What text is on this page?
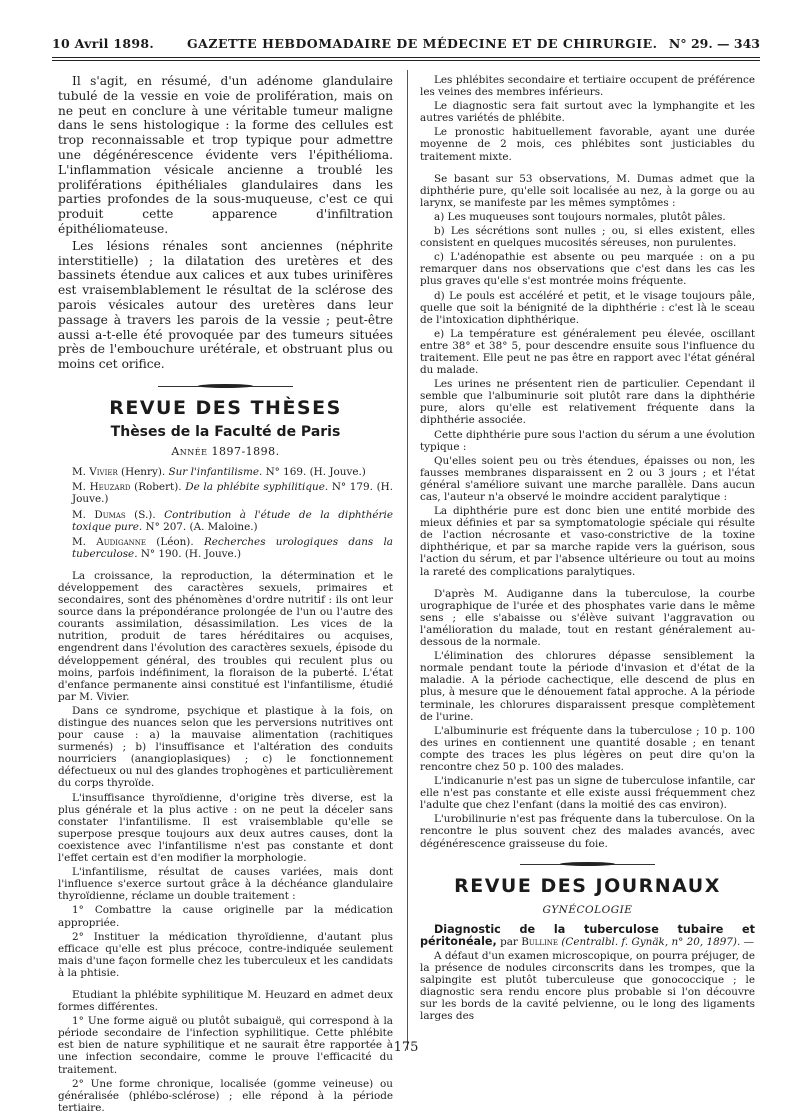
10 Avril 1898.	GAZETTE HEBDOMADAIRE DE MÉDECINE ET DE CHIRURGIE. N° 29. — 343

Il s'agit, en résumé, d'un adénome glandulaire tubulé de la vessie en voie de prolifération, mais on ne peut en conclure à une véritable tumeur maligne dans le sens histologique : la forme des cellules est trop reconnaissable et trop typique pour admettre une dégénérescence évidente vers l'épithélioma. L'inflammation vésicale ancienne a troublé les proliférations épithéliales glandulaires dans les parties profondes de la sous-muqueuse, c'est ce qui produit cette apparence d'infiltration épithéliomateuse.

Les lésions rénales sont anciennes (néphrite interstitielle) ; la dilatation des uretères et des bassinets étendue aux calices et aux tubes urinifères est vraisemblablement le résultat de la sclérose des parois vésicales autour des uretères dans leur passage à travers les parois de la vessie ; peut-être aussi a-t-elle été provoquée par des tumeurs situées près de l'embouchure urétérale, et obstruant plus ou moins cet orifice.

REVUE DES THÈSES
Thèses de la Faculté de Paris
Année 1897-1898.

M. Vivier (Henry). Sur l'infantilisme. N° 169. (H. Jouve.)

M. Heuzard (Robert). De la phlébite syphilitique. N° 179. (H. Jouve.)

M. Dumas (S.). Contribution à l'étude de la diphthérie toxique pure. N° 207. (A. Maloine.)

M. Audiganne (Léon). Recherches urologiques dans la tuberculose. N° 190. (H. Jouve.)

La croissance, la reproduction, la détermination et le développement des caractères sexuels, primaires et secondaires, sont des phénomènes d'ordre nutritif : ils ont leur source dans la prépondérance prolongée de l'un ou l'autre des courants assimilation, désassimilation. Les vices de la nutrition, produit de tares héréditaires ou acquises, engendrent dans l'évolution des caractères sexuels, épisode du développement général, des troubles qui reculent plus ou moins, parfois indéfiniment, la floraison de la puberté. L'état d'enfance permanente ainsi constitué est l'infantilisme, étudié par M. Vivier.

Dans ce syndrome, psychique et plastique à la fois, on distingue des nuances selon que les perversions nutritives ont pour cause : a) la mauvaise alimentation (rachitiques surmenés) ; b) l'insuffisance et l'altération des conduits nourriciers (anangioplasiques) ; c) le fonctionnement défectueux ou nul des glandes trophogènes et particulièrement du corps thyroïde.

L'insuffisance thyroïdienne, d'origine très diverse, est la plus générale et la plus active : on ne peut la déceler sans constater l'infantilisme. Il est vraisemblable qu'elle se superpose presque toujours aux deux autres causes, dont la coexistence avec l'infantilisme n'est pas constante et dont l'effet certain est d'en modifier la morphologie.

L'infantilisme, résultat de causes variées, mais dont l'influence s'exerce surtout grâce à la déchéance glandulaire thyroïdienne, réclame un double traitement :

1° Combattre la cause originelle par la médication appropriée.

2° Instituer la médication thyroïdienne, d'autant plus efficace qu'elle est plus précoce, contre-indiquée seulement mais d'une façon formelle chez les tuberculeux et les candidats à la phtisie.

Etudiant la phlébite syphilitique M. Heuzard en admet deux formes différentes.

1° Une forme aiguë ou plutôt subaiguë, qui correspond à la période secondaire de l'infection syphilitique. Cette phlébite est bien de nature syphilitique et ne saurait être rapportée à une infection secondaire, comme le prouve l'efficacité du traitement.

2° Une forme chronique, localisée (gomme veineuse) ou généralisée (phlébo-sclérose) ; elle répond à la période tertiaire.

Les phlébites secondaire et tertiaire occupent de préférence les veines des membres inférieurs.

Le diagnostic sera fait surtout avec la lymphangite et les autres variétés de phlébite.

Le pronostic habituellement favorable, ayant une durée moyenne de 2 mois, ces phlébites sont justiciables du traitement mixte.

Se basant sur 53 observations, M. Dumas admet que la diphthérie pure, qu'elle soit localisée au nez, à la gorge ou au larynx, se manifeste par les mêmes symptômes :

a) Les muqueuses sont toujours normales, plutôt pâles.

b) Les sécrétions sont nulles ; ou, si elles existent, elles consistent en quelques mucosités séreuses, non purulentes.

c) L'adénopathie est absente ou peu marquée : on a pu remarquer dans nos observations que c'est dans les cas les plus graves qu'elle s'est montrée moins fréquente.

d) Le pouls est accéléré et petit, et le visage toujours pâle, quelle que soit la bénignité de la diphthérie : c'est là le sceau de l'intoxication diphthérique.

e) La température est généralement peu élevée, oscillant entre 38° et 38° 5, pour descendre ensuite sous l'influence du traitement. Elle peut ne pas être en rapport avec l'état général du malade.

Les urines ne présentent rien de particulier. Cependant il semble que l'albuminurie soit plutôt rare dans la diphthérie pure, alors qu'elle est relativement fréquente dans la diphthérie associée.

Cette diphthérie pure sous l'action du sérum a une évolution typique :

Qu'elles soient peu ou très étendues, épaisses ou non, les fausses membranes disparaissent en 2 ou 3 jours ; et l'état général s'améliore suivant une marche parallèle. Dans aucun cas, l'auteur n'a observé le moindre accident paralytique :

La diphthérie pure est donc bien une entité morbide des mieux définies et par sa symptomatologie spéciale qui résulte de l'action nécrosante et vaso-constrictive de la toxine diphthérique, et par sa marche rapide vers la guérison, sous l'action du sérum, et par l'absence ultérieure ou tout au moins la rareté des complications paralytiques.

D'après M. Audiganne dans la tuberculose, la courbe urographique de l'urée et des phosphates varie dans le même sens ; elle s'abaisse ou s'élève suivant l'aggravation ou l'amélioration du malade, tout en restant généralement au-dessous de la normale.

L'élimination des chlorures dépasse sensiblement la normale pendant toute la période d'invasion et d'état de la maladie. A la période cachectique, elle descend de plus en plus, à mesure que le dénouement fatal approche. A la période terminale, les chlorures disparaissent presque complètement de l'urine.

L'albuminurie est fréquente dans la tuberculose ; 10 p. 100 des urines en contiennent une quantité dosable ; en tenant compte des traces les plus légères on peut dire qu'on la rencontre chez 50 p. 100 des malades.

L'indicanurie n'est pas un signe de tuberculose infantile, car elle n'est pas constante et elle existe aussi fréquemment chez l'adulte que chez l'enfant (dans la moitié des cas environ).

L'urobilinurie n'est pas fréquente dans la tuberculose. On la rencontre le plus souvent chez des malades avancés, avec dégénérescence graisseuse du foie.

REVUE DES JOURNAUX
GYNÉCOLOGIE

Diagnostic de la tuberculose tubaire et péritonéale, par Bulline (Centralbl. f. Gynäk, n° 20, 1897). —

A défaut d'un examen microscopique, on pourra préjuger, de la présence de nodules circonscrits dans les trompes, que la salpingite est plutôt tuberculeuse que gonococcique ; le diagnostic sera rendu encore plus probable si l'on découvre sur les bords de la cavité pelvienne, ou le long des ligaments larges des

175
